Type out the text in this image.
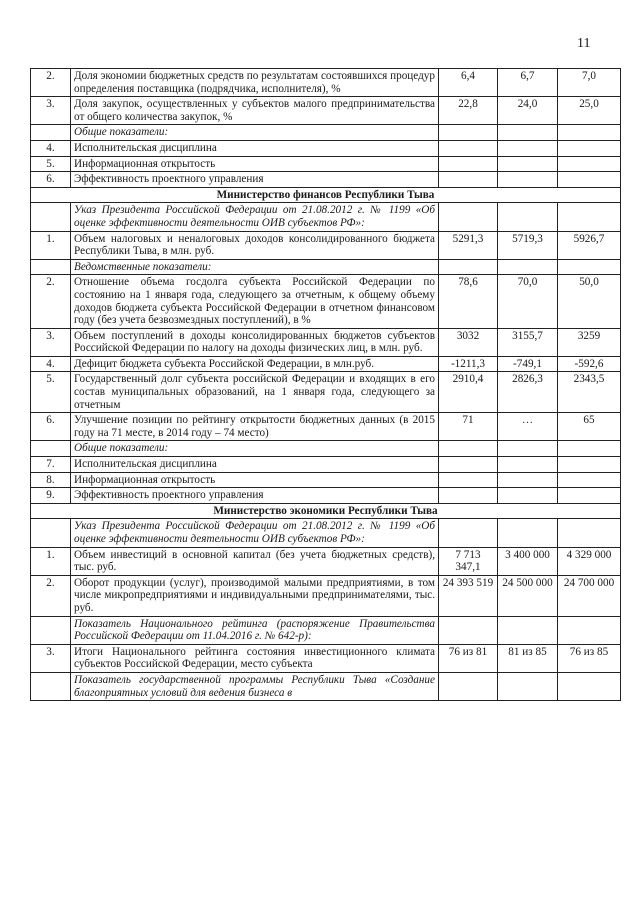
11
2.	Доля экономии бюджетных средств по результатам состоявшихся процедур определения поставщика (подрядчика, исполнителя), %	6,4	6,7	7,0
3.	Доля закупок, осуществленных у субъектов малого предпринимательства от общего количества закупок, %	22,8	24,0	25,0
	Общие показатели:			
4.	Исполнительская дисциплина			
5.	Информационная открытость			
6.	Эффективность проектного управления			
Министерство финансов Республики Тыва				
	Указ Президента Российской Федерации от 21.08.2012 г. № 1199 «Об оценке эффективности деятельности ОИВ субъектов РФ»:			
1.	Объем налоговых и неналоговых доходов консолидированного бюджета Республики Тыва, в млн. руб.	5291,3	5719,3	5926,7
	Ведомственные показатели:			
2.	Отношение объема госдолга субъекта Российской Федерации по состоянию на 1 января года, следующего за отчетным, к общему объему доходов бюджета субъекта Российской Федерации в отчетном финансовом году (без учета безвозмездных поступлений), в %	78,6	70,0	50,0
3.	Объем поступлений в доходы консолидированных бюджетов субъектов Российской Федерации по налогу на доходы физических лиц, в млн. руб.	3032	3155,7	3259
4.	Дефицит бюджета субъекта Российской Федерации, в млн.руб.	-1211,3	-749,1	-592,6
5.	Государственный долг субъекта российской Федерации и входящих в его состав муниципальных образований, на 1 января года, следующего за отчетным	2910,4	2826,3	2343,5
6.	Улучшение позиции по рейтингу открытости бюджетных данных (в 2015 году на 71 месте, в 2014 году – 74 место)	71	…	65
	Общие показатели:			
7.	Исполнительская дисциплина			
8.	Информационная открытость			
9.	Эффективность проектного управления			
Министерство экономики Республики Тыва				
	Указ Президента Российской Федерации от 21.08.2012 г. № 1199 «Об оценке эффективности деятельности ОИВ субъектов РФ»:			
1.	Объем инвестиций в основной капитал (без учета бюджетных средств), тыс. руб.	7 713 347,1	3 400 000	4 329 000
2.	Оборот продукции (услуг), производимой малыми предприятиями, в том числе микропредприятиями и индивидуальными предпринимателями, тыс. руб.	24 393 519	24 500 000	24 700 000
	Показатель Национального рейтинга (распоряжение Правительства Российской Федерации от 11.04.2016 г. № 642-р):			
3.	Итоги Национального рейтинга состояния инвестиционного климата субъектов Российской Федерации, место субъекта	76 из 81	81 из 85	76 из 85
	Показатель государственной программы Республики Тыва «Создание благоприятных условий для ведения бизнеса в			
